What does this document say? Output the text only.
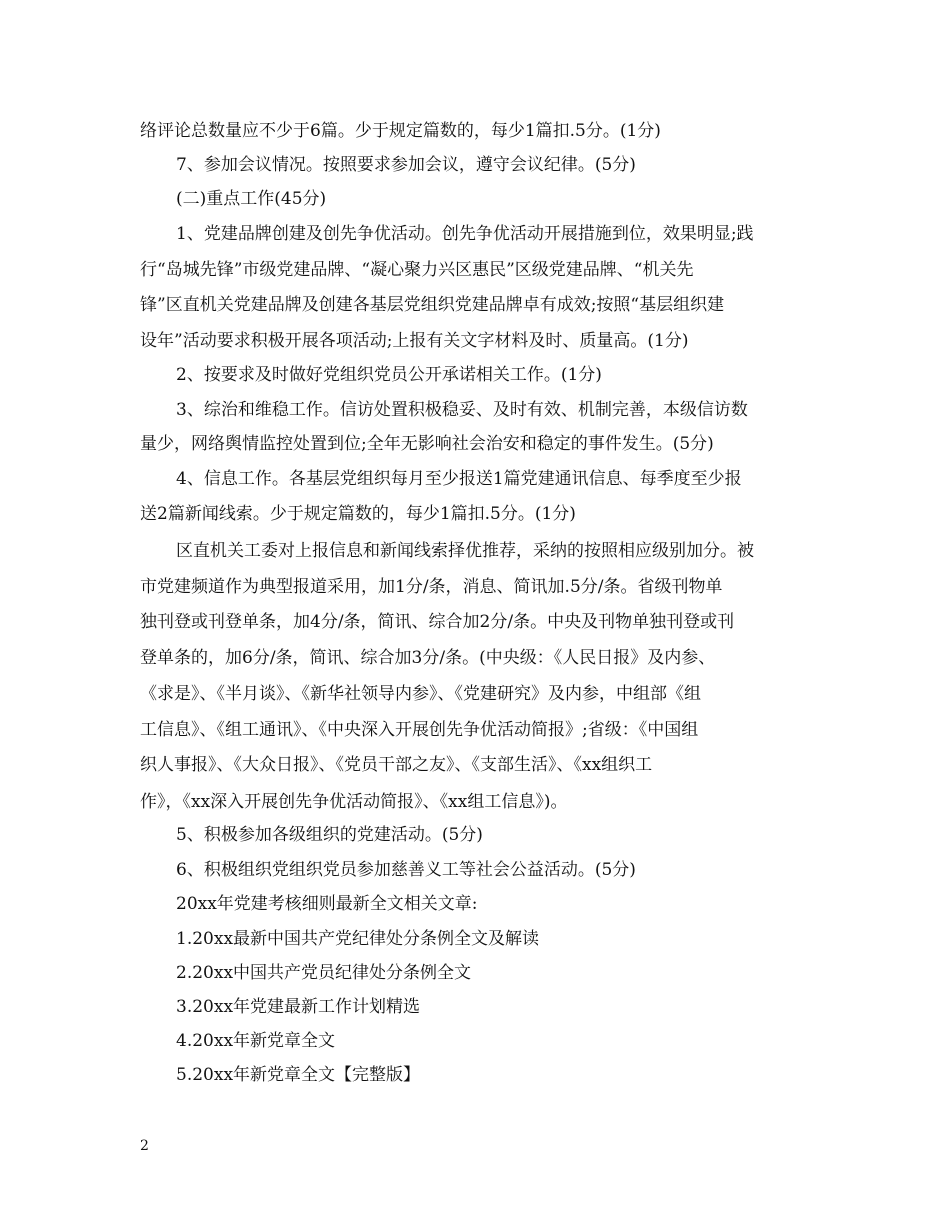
络评论总数量应不少于6篇。少于规定篇数的，每少1篇扣.5分。(1分)
7、参加会议情况。按照要求参加会议，遵守会议纪律。(5分)
(二)重点工作(45分)
1、党建品牌创建及创先争优活动。创先争优活动开展措施到位，效果明显;践
行“岛城先锋”市级党建品牌、“凝心聚力兴区惠民”区级党建品牌、“机关先
锋”区直机关党建品牌及创建各基层党组织党建品牌卓有成效;按照“基层组织建
设年”活动要求积极开展各项活动;上报有关文字材料及时、质量高。(1分)
2、按要求及时做好党组织党员公开承诺相关工作。(1分)
3、综治和维稳工作。信访处置积极稳妥、及时有效、机制完善，本级信访数
量少，网络舆情监控处置到位;全年无影响社会治安和稳定的事件发生。(5分)
4、信息工作。各基层党组织每月至少报送1篇党建通讯信息、每季度至少报
送2篇新闻线索。少于规定篇数的，每少1篇扣.5分。(1分)
区直机关工委对上报信息和新闻线索择优推荐，采纳的按照相应级别加分。被
市党建频道作为典型报道采用，加1分/条，消息、简讯加.5分/条。省级刊物单
独刊登或刊登单条，加4分/条，简讯、综合加2分/条。中央及刊物单独刊登或刊
登单条的，加6分/条，简讯、综合加3分/条。(中央级：《人民日报》及内参、
《求是》、《半月谈》、《新华社领导内参》、《党建研究》及内参，中组部《组
工信息》、《组工通讯》、《中央深入开展创先争优活动简报》;省级：《中国组
织人事报》、《大众日报》、《党员干部之友》、《支部生活》、《xx组织工
作》，《xx深入开展创先争优活动简报》、《xx组工信息》)。
5、积极参加各级组织的党建活动。(5分)
6、积极组织党组织党员参加慈善义工等社会公益活动。(5分)
20xx年党建考核细则最新全文相关文章:
1.20xx最新中国共产党纪律处分条例全文及解读
2.20xx中国共产党员纪律处分条例全文
3.20xx年党建最新工作计划精选
4.20xx年新党章全文
5.20xx年新党章全文【完整版】
2
